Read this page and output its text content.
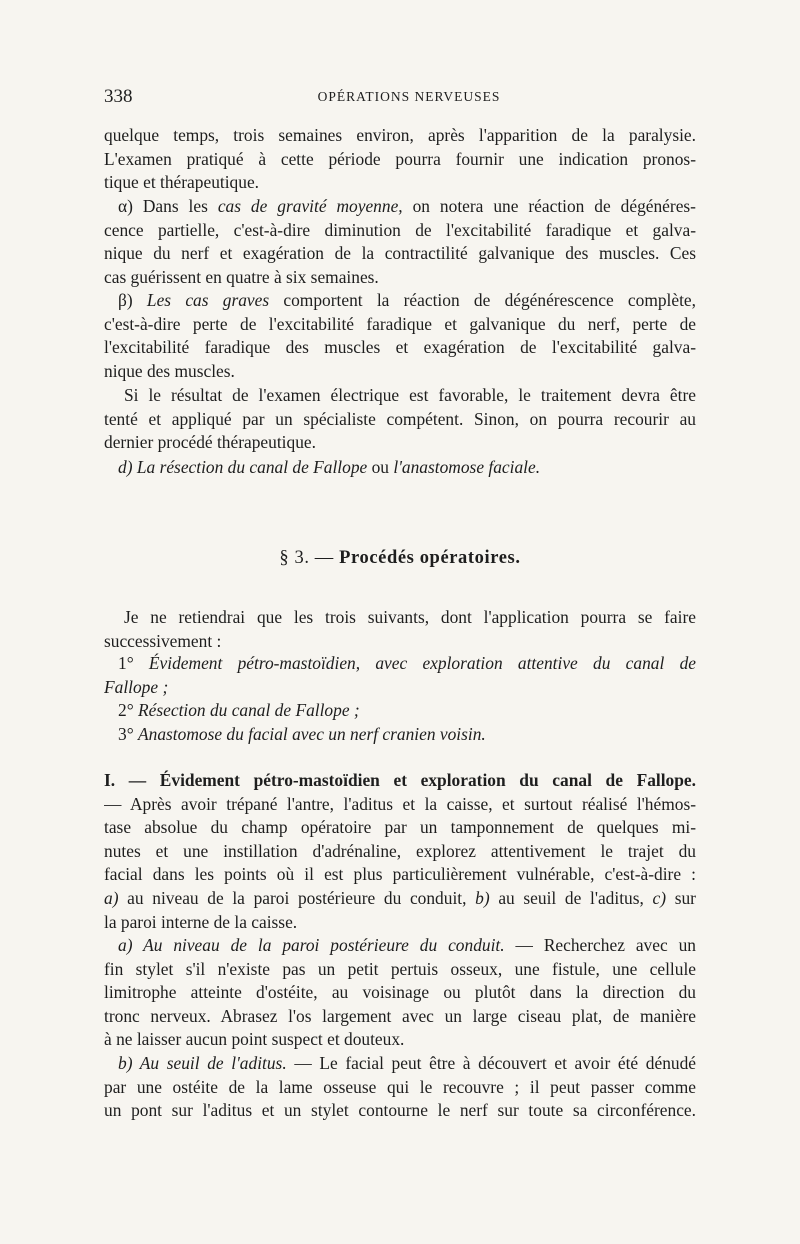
338	OPÉRATIONS NERVEUSES

quelque temps, trois semaines environ, après l'apparition de la paralysie.

L'examen pratiqué à cette période pourra fournir une indication pronos-

tique et thérapeutique.

α) Dans les cas de gravité moyenne, on notera une réaction de dégénéres-

cence partielle, c'est-à-dire diminution de l'excitabilité faradique et galva-

nique du nerf et exagération de la contractilité galvanique des muscles. Ces

cas guérissent en quatre à six semaines.

β) Les cas graves comportent la réaction de dégénérescence complète,

c'est-à-dire perte de l'excitabilité faradique et galvanique du nerf, perte de

l'excitabilité faradique des muscles et exagération de l'excitabilité galva-

nique des muscles.

Si le résultat de l'examen électrique est favorable, le traitement devra être

tenté et appliqué par un spécialiste compétent. Sinon, on pourra recourir au

dernier procédé thérapeutique.

d) La résection du canal de Fallope ou l'anastomose faciale.

§ 3. — Procédés opératoires.

Je ne retiendrai que les trois suivants, dont l'application pourra se faire

successivement :

1° Évidement pétro-mastoïdien, avec exploration attentive du canal de

Fallope ;

2° Résection du canal de Fallope ;

3° Anastomose du facial avec un nerf cranien voisin.

I. — Évidement pétro-mastoïdien et exploration du canal de Fallope.

— Après avoir trépané l'antre, l'aditus et la caisse, et surtout réalisé l'hémos-

tase absolue du champ opératoire par un tamponnement de quelques mi-

nutes et une instillation d'adrénaline, explorez attentivement le trajet du

facial dans les points où il est plus particulièrement vulnérable, c'est-à-dire :

a) au niveau de la paroi postérieure du conduit, b) au seuil de l'aditus, c) sur

la paroi interne de la caisse.

a) Au niveau de la paroi postérieure du conduit. — Recherchez avec un

fin stylet s'il n'existe pas un petit pertuis osseux, une fistule, une cellule

limitrophe atteinte d'ostéite, au voisinage ou plutôt dans la direction du

tronc nerveux. Abrasez l'os largement avec un large ciseau plat, de manière

à ne laisser aucun point suspect et douteux.

b) Au seuil de l'aditus. — Le facial peut être à découvert et avoir été dénudé

par une ostéite de la lame osseuse qui le recouvre ; il peut passer comme

un pont sur l'aditus et un stylet contourne le nerf sur toute sa circonférence.
